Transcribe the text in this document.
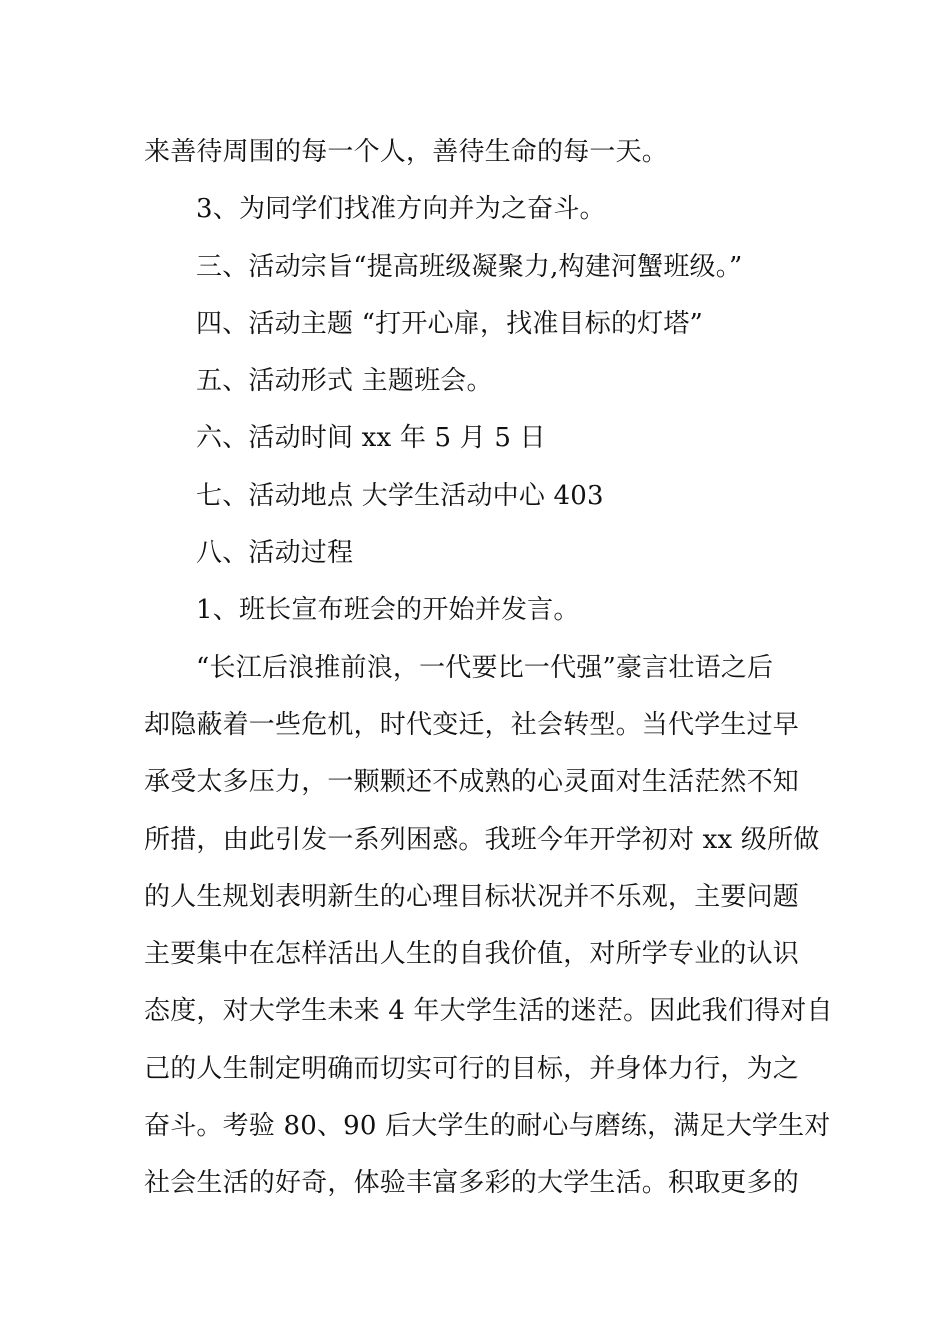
来善待周围的每一个人，善待生命的每一天。
3、为同学们找准方向并为之奋斗。
三、活动宗旨“提高班级凝聚力,构建河蟹班级。”
四、活动主题 “打开心扉，找准目标的灯塔”
五、活动形式 主题班会。
六、活动时间 xx 年 5 月 5 日
七、活动地点 大学生活动中心 403
八、活动过程
1、班长宣布班会的开始并发言。
“长江后浪推前浪，一代要比一代强”豪言壮语之后
却隐蔽着一些危机，时代变迁，社会转型。当代学生过早
承受太多压力，一颗颗还不成熟的心灵面对生活茫然不知
所措，由此引发一系列困惑。我班今年开学初对 xx 级所做
的人生规划表明新生的心理目标状况并不乐观，主要问题
主要集中在怎样活出人生的自我价值，对所学专业的认识
态度，对大学生未来 4 年大学生活的迷茫。因此我们得对自
己的人生制定明确而切实可行的目标，并身体力行，为之
奋斗。考验 80、90 后大学生的耐心与磨练，满足大学生对
社会生活的好奇，体验丰富多彩的大学生活。积取更多的
